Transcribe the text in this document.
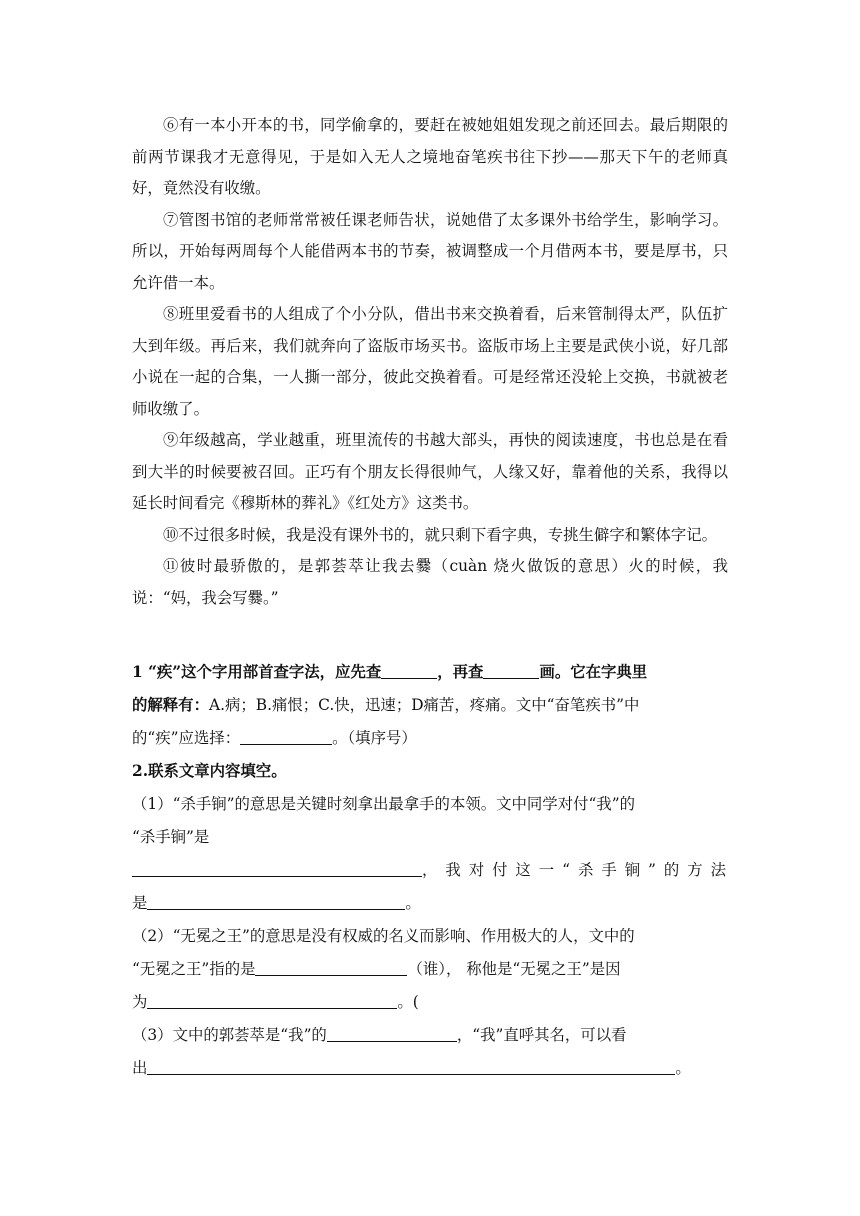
⑥有一本小开本的书，同学偷拿的，要赶在被她姐姐发现之前还回去。最后期限的前两节课我才无意得见，于是如入无人之境地奋笔疾书往下抄——那天下午的老师真好，竟然没有收缴。

⑦管图书馆的老师常常被任课老师告状，说她借了太多课外书给学生，影响学习。所以，开始每两周每个人能借两本书的节奏，被调整成一个月借两本书，要是厚书，只允许借一本。

⑧班里爱看书的人组成了个小分队，借出书来交换着看，后来管制得太严，队伍扩大到年级。再后来，我们就奔向了盗版市场买书。盗版市场上主要是武侠小说，好几部小说在一起的合集，一人撕一部分，彼此交换着看。可是经常还没轮上交换，书就被老师收缴了。

⑨年级越高，学业越重，班里流传的书越大部头，再快的阅读速度，书也总是在看到大半的时候要被召回。正巧有个朋友长得很帅气，人缘又好，靠着他的关系，我得以延长时间看完《穆斯林的葬礼》《红处方》这类书。

⑩不过很多时候，我是没有课外书的，就只剩下看字典，专挑生僻字和繁体字记。

⑪彼时最骄傲的，是郭荟萃让我去爨（cuàn 烧火做饭的意思）火的时候，我说：“妈，我会写爨。”

1 “疾”这个字用部首查字法，应先查	，再查	画。它在字典里
的解释有：A.病；B.痛恨；C.快，迅速；D痛苦，疼痛。文中“奋笔疾书”中
的“疾”应选择：	。（填序号）
2.联系文章内容填空。
（1）“杀手锏”的意思是关键时刻拿出最拿手的本领。文中同学对付“我”的
“杀手锏”是
，我对付这一“杀手锏”的方法
是	。
（2）“无冕之王”的意思是没有权威的名义而影响、作用极大的人，文中的
“无冕之王”指的是	（谁）， 称他是“无冕之王”是因
为	。(
（3）文中的郭荟萃是“我”的	，“我”直呼其名，可以看
出	。
